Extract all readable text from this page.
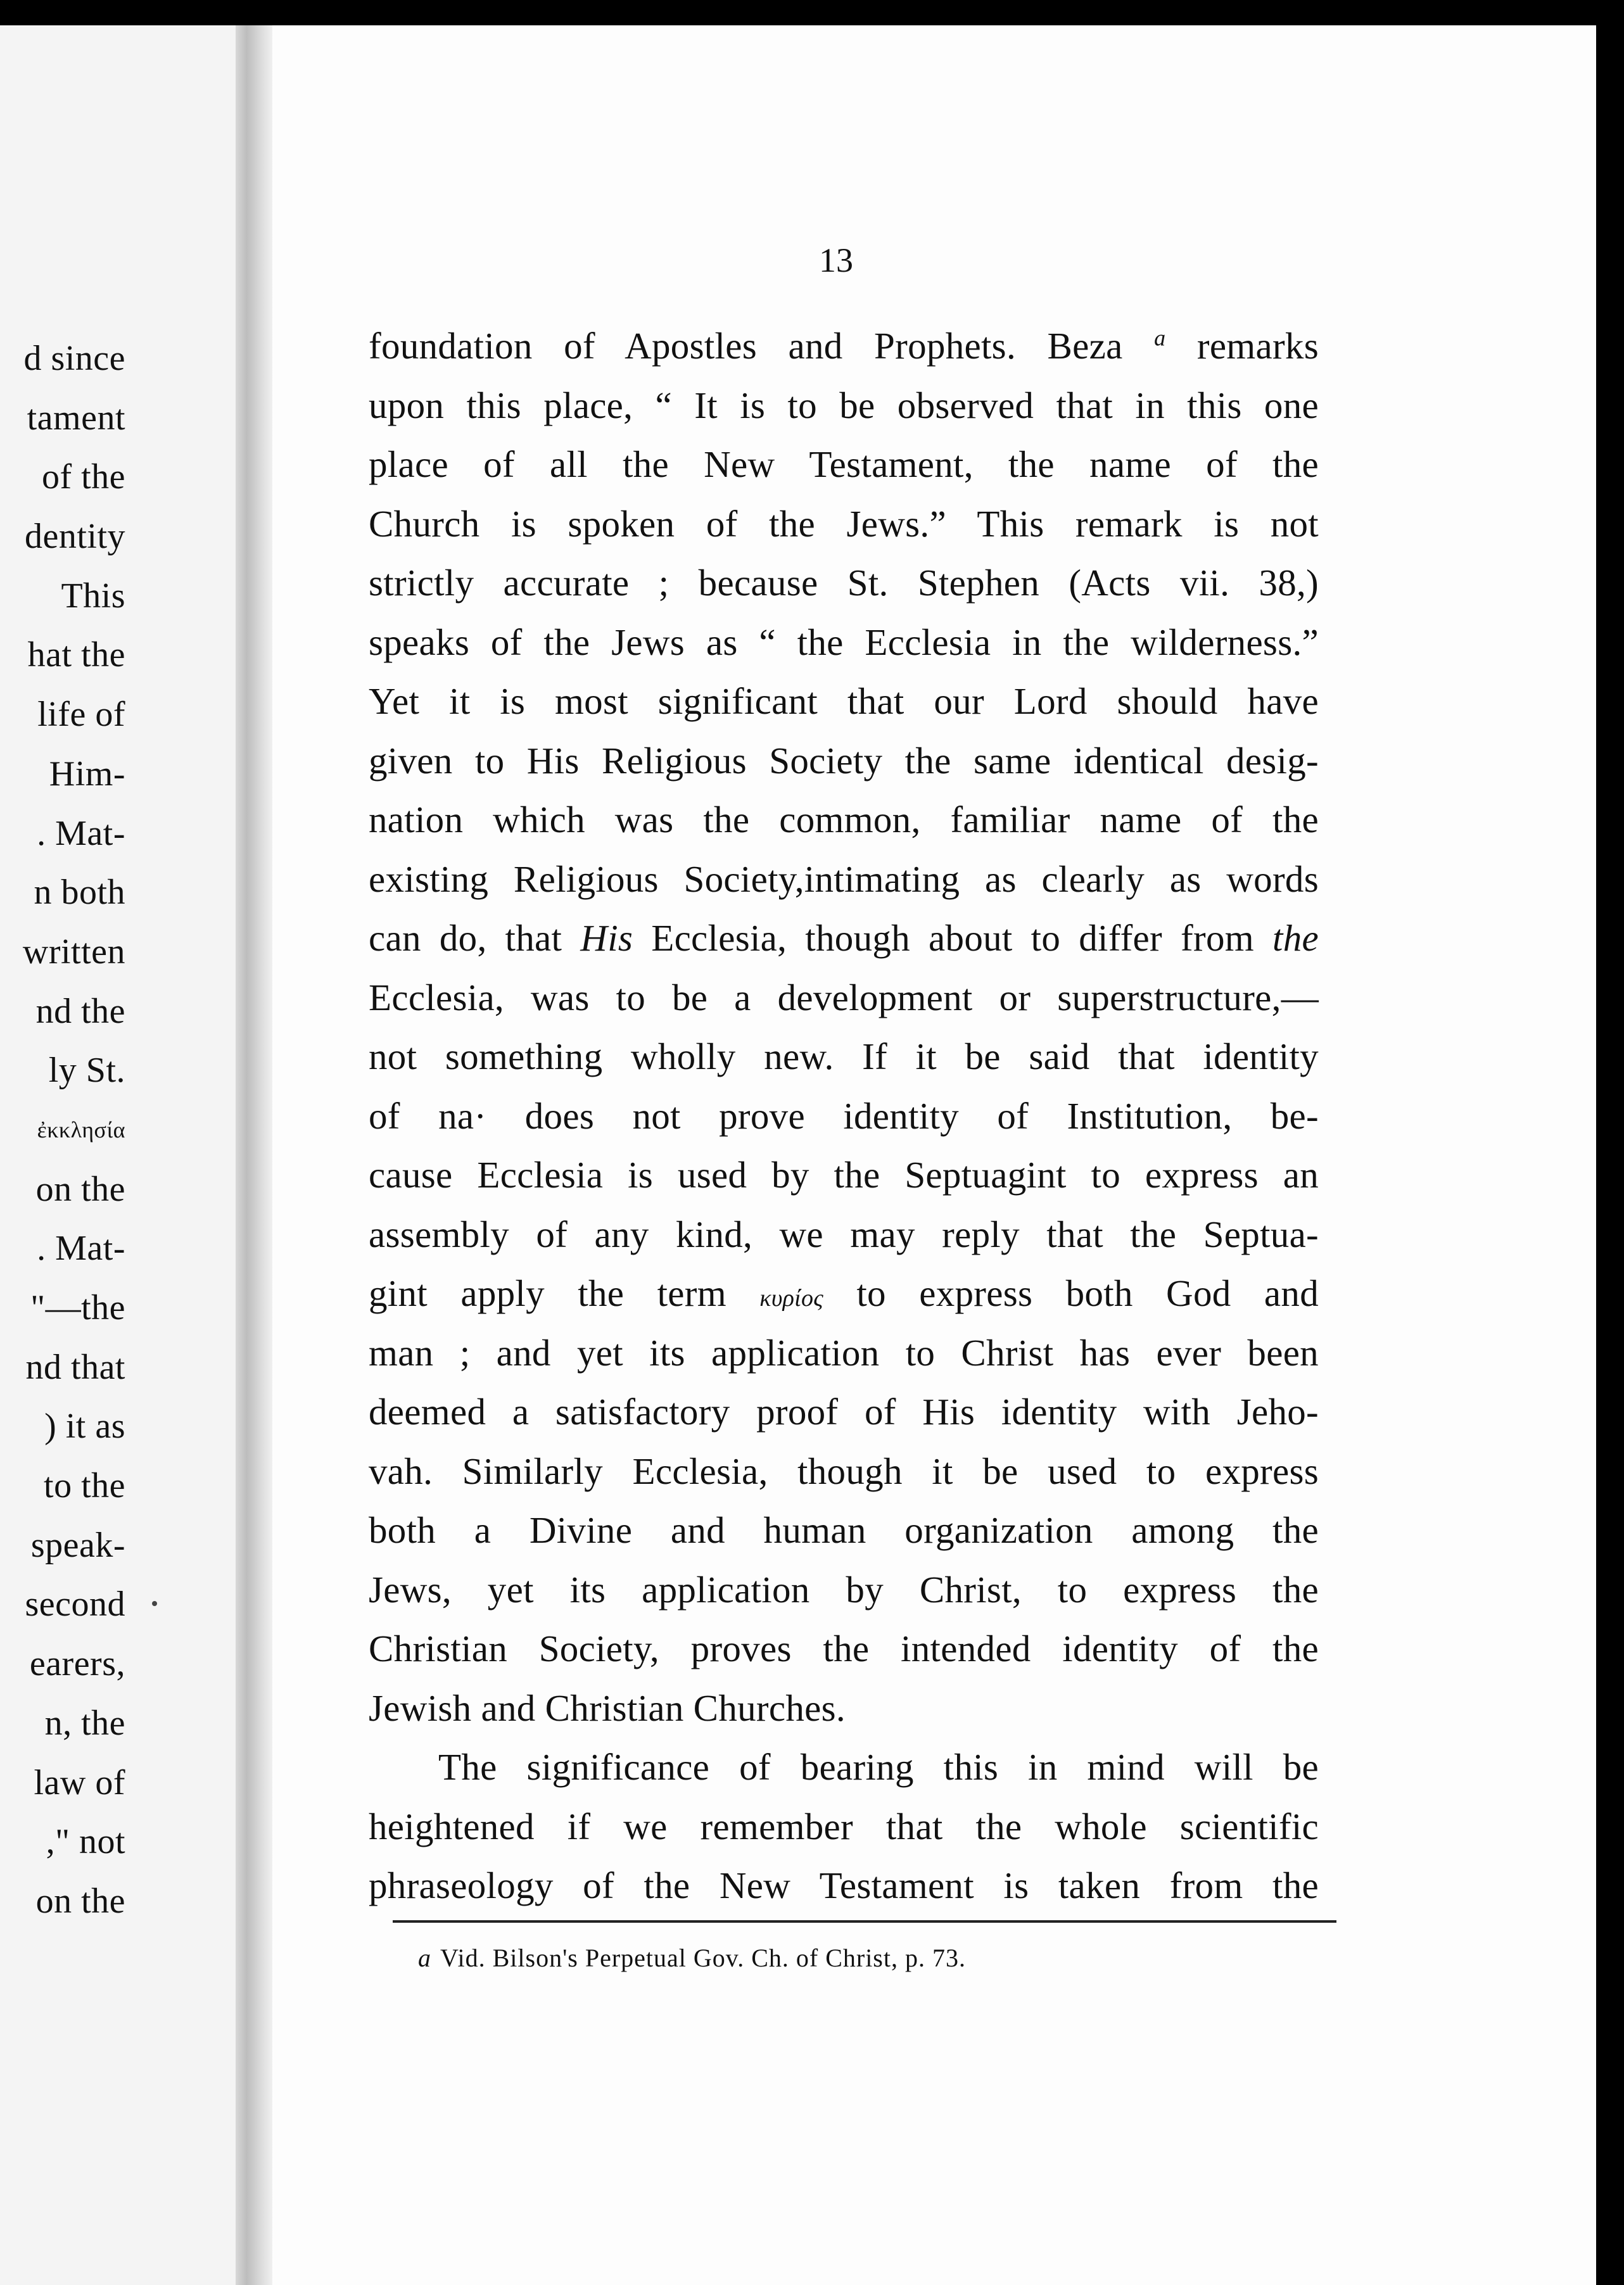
d since
tament
of the
dentity
This
hat the
life of
Him-
. Mat-
n both
written
nd the
ly St.
ἐκκλησία
on the
. Mat-
"—the
nd that
) it as
to the
speak-
second
earers,
n, the
law of
," not
on the
13
foundation of Apostles and Prophets. Beza $^a$ remarks
upon this place, “ It is to be observed that in this one
place of all the New Testament, the name of the
Church is spoken of the Jews.” This remark is not
strictly accurate ; because St. Stephen (Acts vii. 38,)
speaks of the Jews as “ the Ecclesia in the wilderness.”
Yet it is most significant that our Lord should have
given to His Religious Society the same identical desig-
nation which was the common, familiar name of the
existing Religious Society,intimating as clearly as words
can do, that His Ecclesia, though about to differ from the
Ecclesia, was to be a development or superstructure,—
not something wholly new. If it be said that identity
of na· does not prove identity of Institution, be-
cause Ecclesia is used by the Septuagint to express an
assembly of any kind, we may reply that the Septua-
gint apply the term κυρίος to express both God and
man ; and yet its application to Christ has ever been
deemed a satisfactory proof of His identity with Jeho-
vah. Similarly Ecclesia, though it be used to express
both a Divine and human organization among the
Jews, yet its application by Christ, to express the
Christian Society, proves the intended identity of the
Jewish and Christian Churches.
The significance of bearing this in mind will be
heightened if we remember that the whole scientific
phraseology of the New Testament is taken from the
a Vid. Bilson's Perpetual Gov. Ch. of Christ, p. 73.
